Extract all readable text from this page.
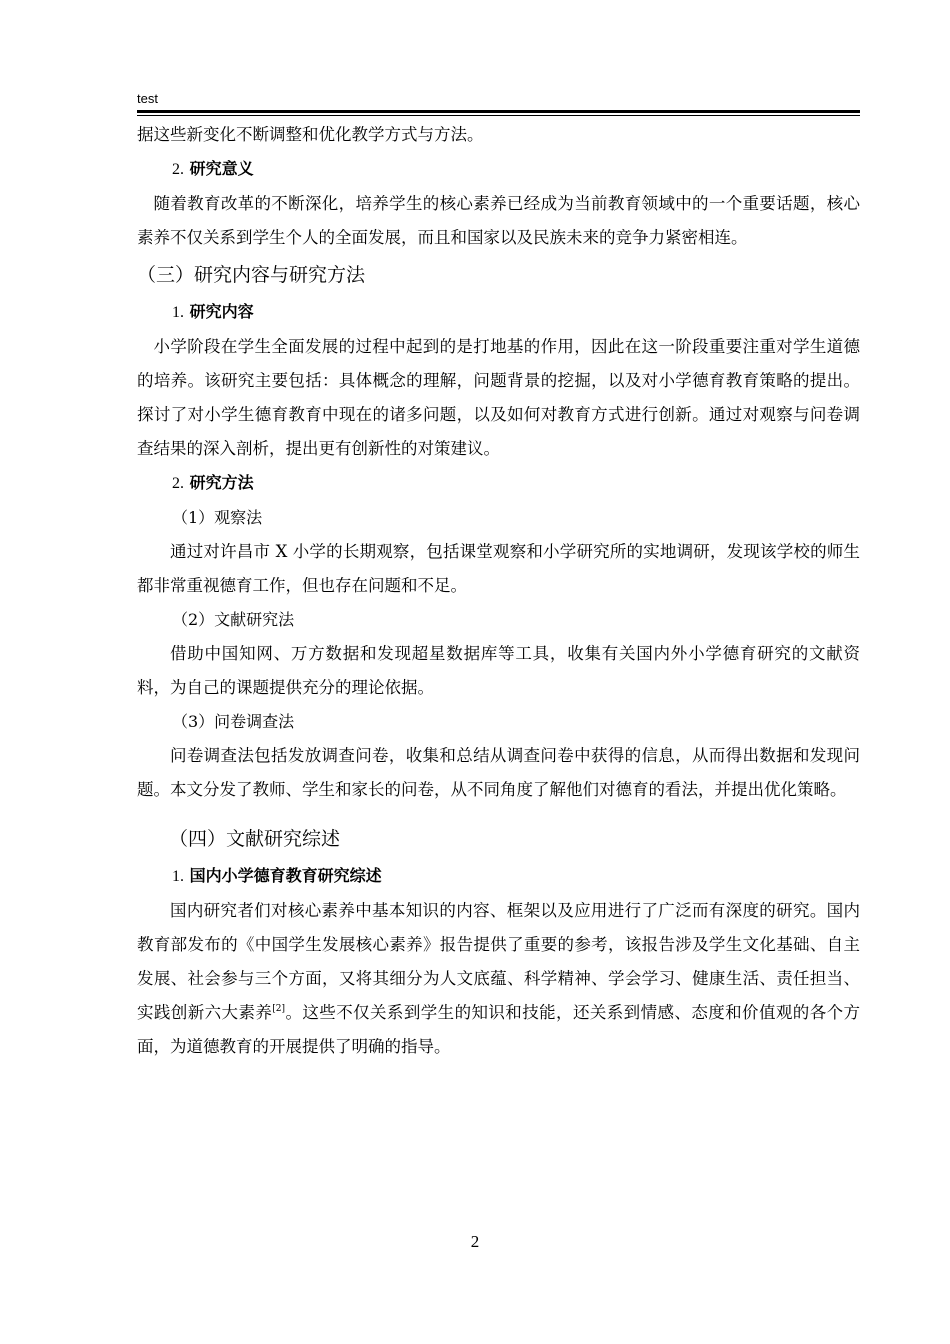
test

据这些新变化不断调整和优化教学方式与方法。

2. 研究意义

随着教育改革的不断深化，培养学生的核心素养已经成为当前教育领域中的一个重要话题，核心素养不仅关系到学生个人的全面发展，而且和国家以及民族未来的竞争力紧密相连。

（三）研究内容与研究方法

1. 研究内容

小学阶段在学生全面发展的过程中起到的是打地基的作用，因此在这一阶段重要注重对学生道德的培养。该研究主要包括：具体概念的理解，问题背景的挖掘，以及对小学德育教育策略的提出。探讨了对小学生德育教育中现在的诸多问题，以及如何对教育方式进行创新。通过对观察与问卷调查结果的深入剖析，提出更有创新性的对策建议。

2. 研究方法

（1）观察法

通过对许昌市 X 小学的长期观察，包括课堂观察和小学研究所的实地调研，发现该学校的师生都非常重视德育工作，但也存在问题和不足。

（2）文献研究法

借助中国知网、万方数据和发现超星数据库等工具，收集有关国内外小学德育研究的文献资料，为自己的课题提供充分的理论依据。

（3）问卷调查法

问卷调查法包括发放调查问卷，收集和总结从调查问卷中获得的信息，从而得出数据和发现问题。本文分发了教师、学生和家长的问卷，从不同角度了解他们对德育的看法，并提出优化策略。

（四）文献研究综述

1. 国内小学德育教育研究综述

国内研究者们对核心素养中基本知识的内容、框架以及应用进行了广泛而有深度的研究。国内教育部发布的《中国学生发展核心素养》报告提供了重要的参考，该报告涉及学生文化基础、自主发展、社会参与三个方面，又将其细分为人文底蕴、科学精神、学会学习、健康生活、责任担当、实践创新六大素养[2]。这些不仅关系到学生的知识和技能，还关系到情感、态度和价值观的各个方面，为道德教育的开展提供了明确的指导。

2
